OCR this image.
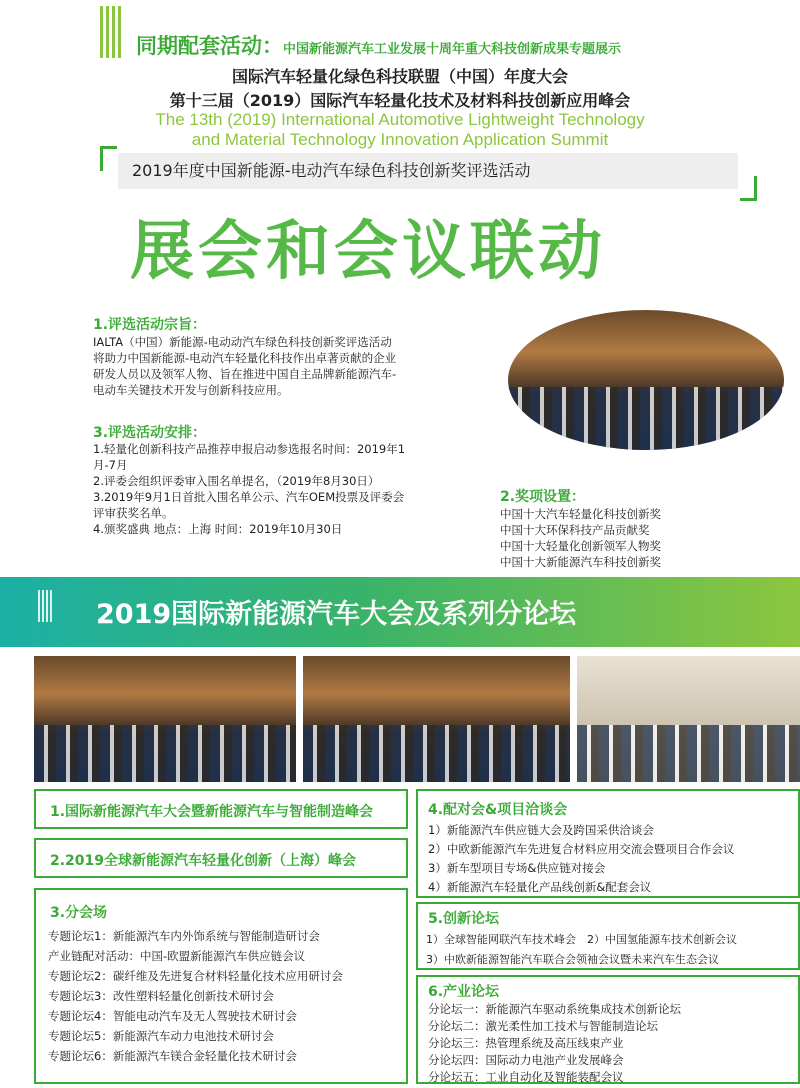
同期配套活动：中国新能源汽车工业发展十周年重大科技创新成果专题展示
国际汽车轻量化绿色科技联盟（中国）年度大会
第十三届（2019）国际汽车轻量化技术及材料科技创新应用峰会
The 13th (2019) International Automotive Lightweight Technology
and Material Technology Innovation Application Summit
2019年度中国新能源-电动汽车绿色科技创新奖评选活动
展会和会议联动
1.评选活动宗旨：
IALTA（中国）新能源-电动动汽车绿色科技创新奖评选活动
将助力中国新能源-电动汽车轻量化科技作出卓著贡献的企业
研发人员以及领军人物、旨在推进中国自主品牌新能源汽车-
电动车关键技术开发与创新科技应用。
3.评选活动安排：
1.轻量化创新科技产品推荐申报启动参选报名时间：2019年1
月-7月
2.评委会组织评委审入围名单提名，（2019年8月30日）
3.2019年9月1日首批入围名单公示、汽车OEM投票及评委会
评审获奖名单。
4.颁奖盛典 地点：上海 时间：2019年10月30日
2.奖项设置：
中国十大汽车轻量化科技创新奖
中国十大环保科技产品贡献奖
中国十大轻量化创新领军人物奖
中国十大新能源汽车科技创新奖
2019国际新能源汽车大会及系列分论坛
1.国际新能源汽车大会暨新能源汽车与智能制造峰会
2.2019全球新能源汽车轻量化创新（上海）峰会
3.分会场
专题论坛1：新能源汽车内外饰系统与智能制造研讨会
产业链配对活动：中国-欧盟新能源汽车供应链会议
专题论坛2：碳纤维及先进复合材料轻量化技术应用研讨会
专题论坛3：改性塑料轻量化创新技术研讨会
专题论坛4：智能电动汽车及无人驾驶技术研讨会
专题论坛5：新能源汽车动力电池技术研讨会
专题论坛6：新能源汽车镁合金轻量化技术研讨会
4.配对会&项目洽谈会
1）新能源汽车供应链大会及跨国采供洽谈会
2）中欧新能源汽车先进复合材料应用交流会暨项目合作会议
3）新车型项目专场&供应链对接会
4）新能源汽车轻量化产品线创新&配套会议
5.创新论坛
1）全球智能网联汽车技术峰会　2）中国氢能源车技术创新会议
3）中欧新能源智能汽车联合会领袖会议暨未来汽车生态会议
6.产业论坛
分论坛一：新能源汽车驱动系统集成技术创新论坛
分论坛二：激光柔性加工技术与智能制造论坛
分论坛三：热管理系统及高压线束产业
分论坛四：国际动力电池产业发展峰会
分论坛五：工业自动化及智能装配会议
